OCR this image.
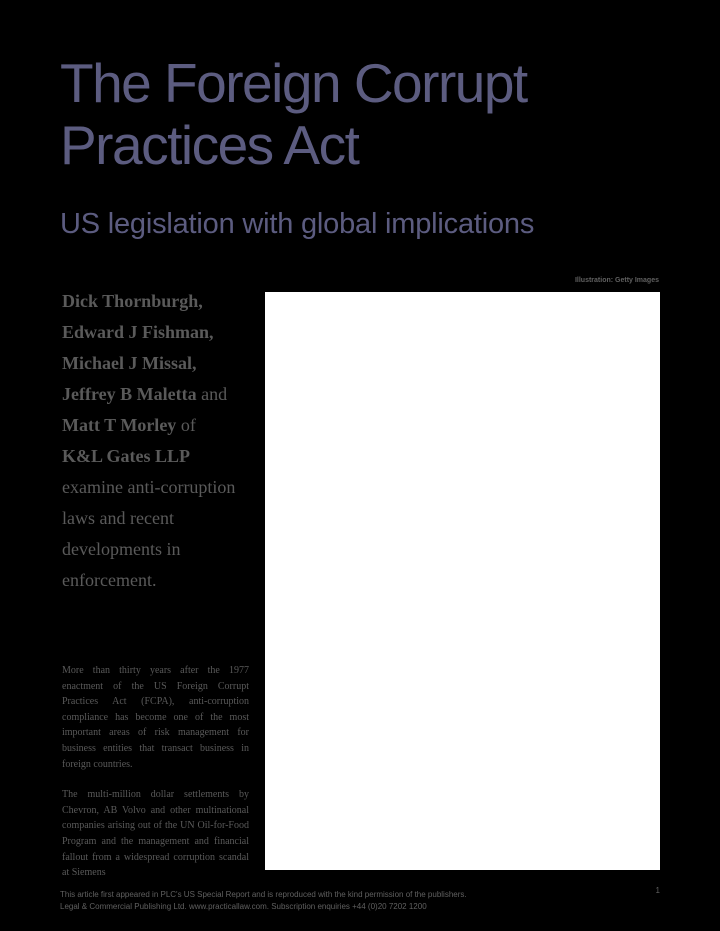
The Foreign Corrupt
Practices Act
US legislation with global implications
Illustration: Getty Images
Dick Thornburgh,
Edward J Fishman,
Michael J Missal,
Jeffrey B Maletta and
Matt T Morley of
K&L Gates LLP
examine anti-corruption laws and recent developments in enforcement.

More than thirty years after the 1977 enactment of the US Foreign Corrupt Practices Act (FCPA), anti-corruption compliance has become one of the most important areas of risk management for business entities that transact business in foreign countries.

The multi-million dollar settlements by Chevron, AB Volvo and other multinational companies arising out of the UN Oil-for-Food Program and the management and financial fallout from a widespread corruption scandal at Siemens

This article first appeared in PLC's US Special Report and is reproduced with the kind permission of the publishers.
Legal & Commercial Publishing Ltd. www.practicallaw.com. Subscription enquiries +44 (0)20 7202 1200
1
